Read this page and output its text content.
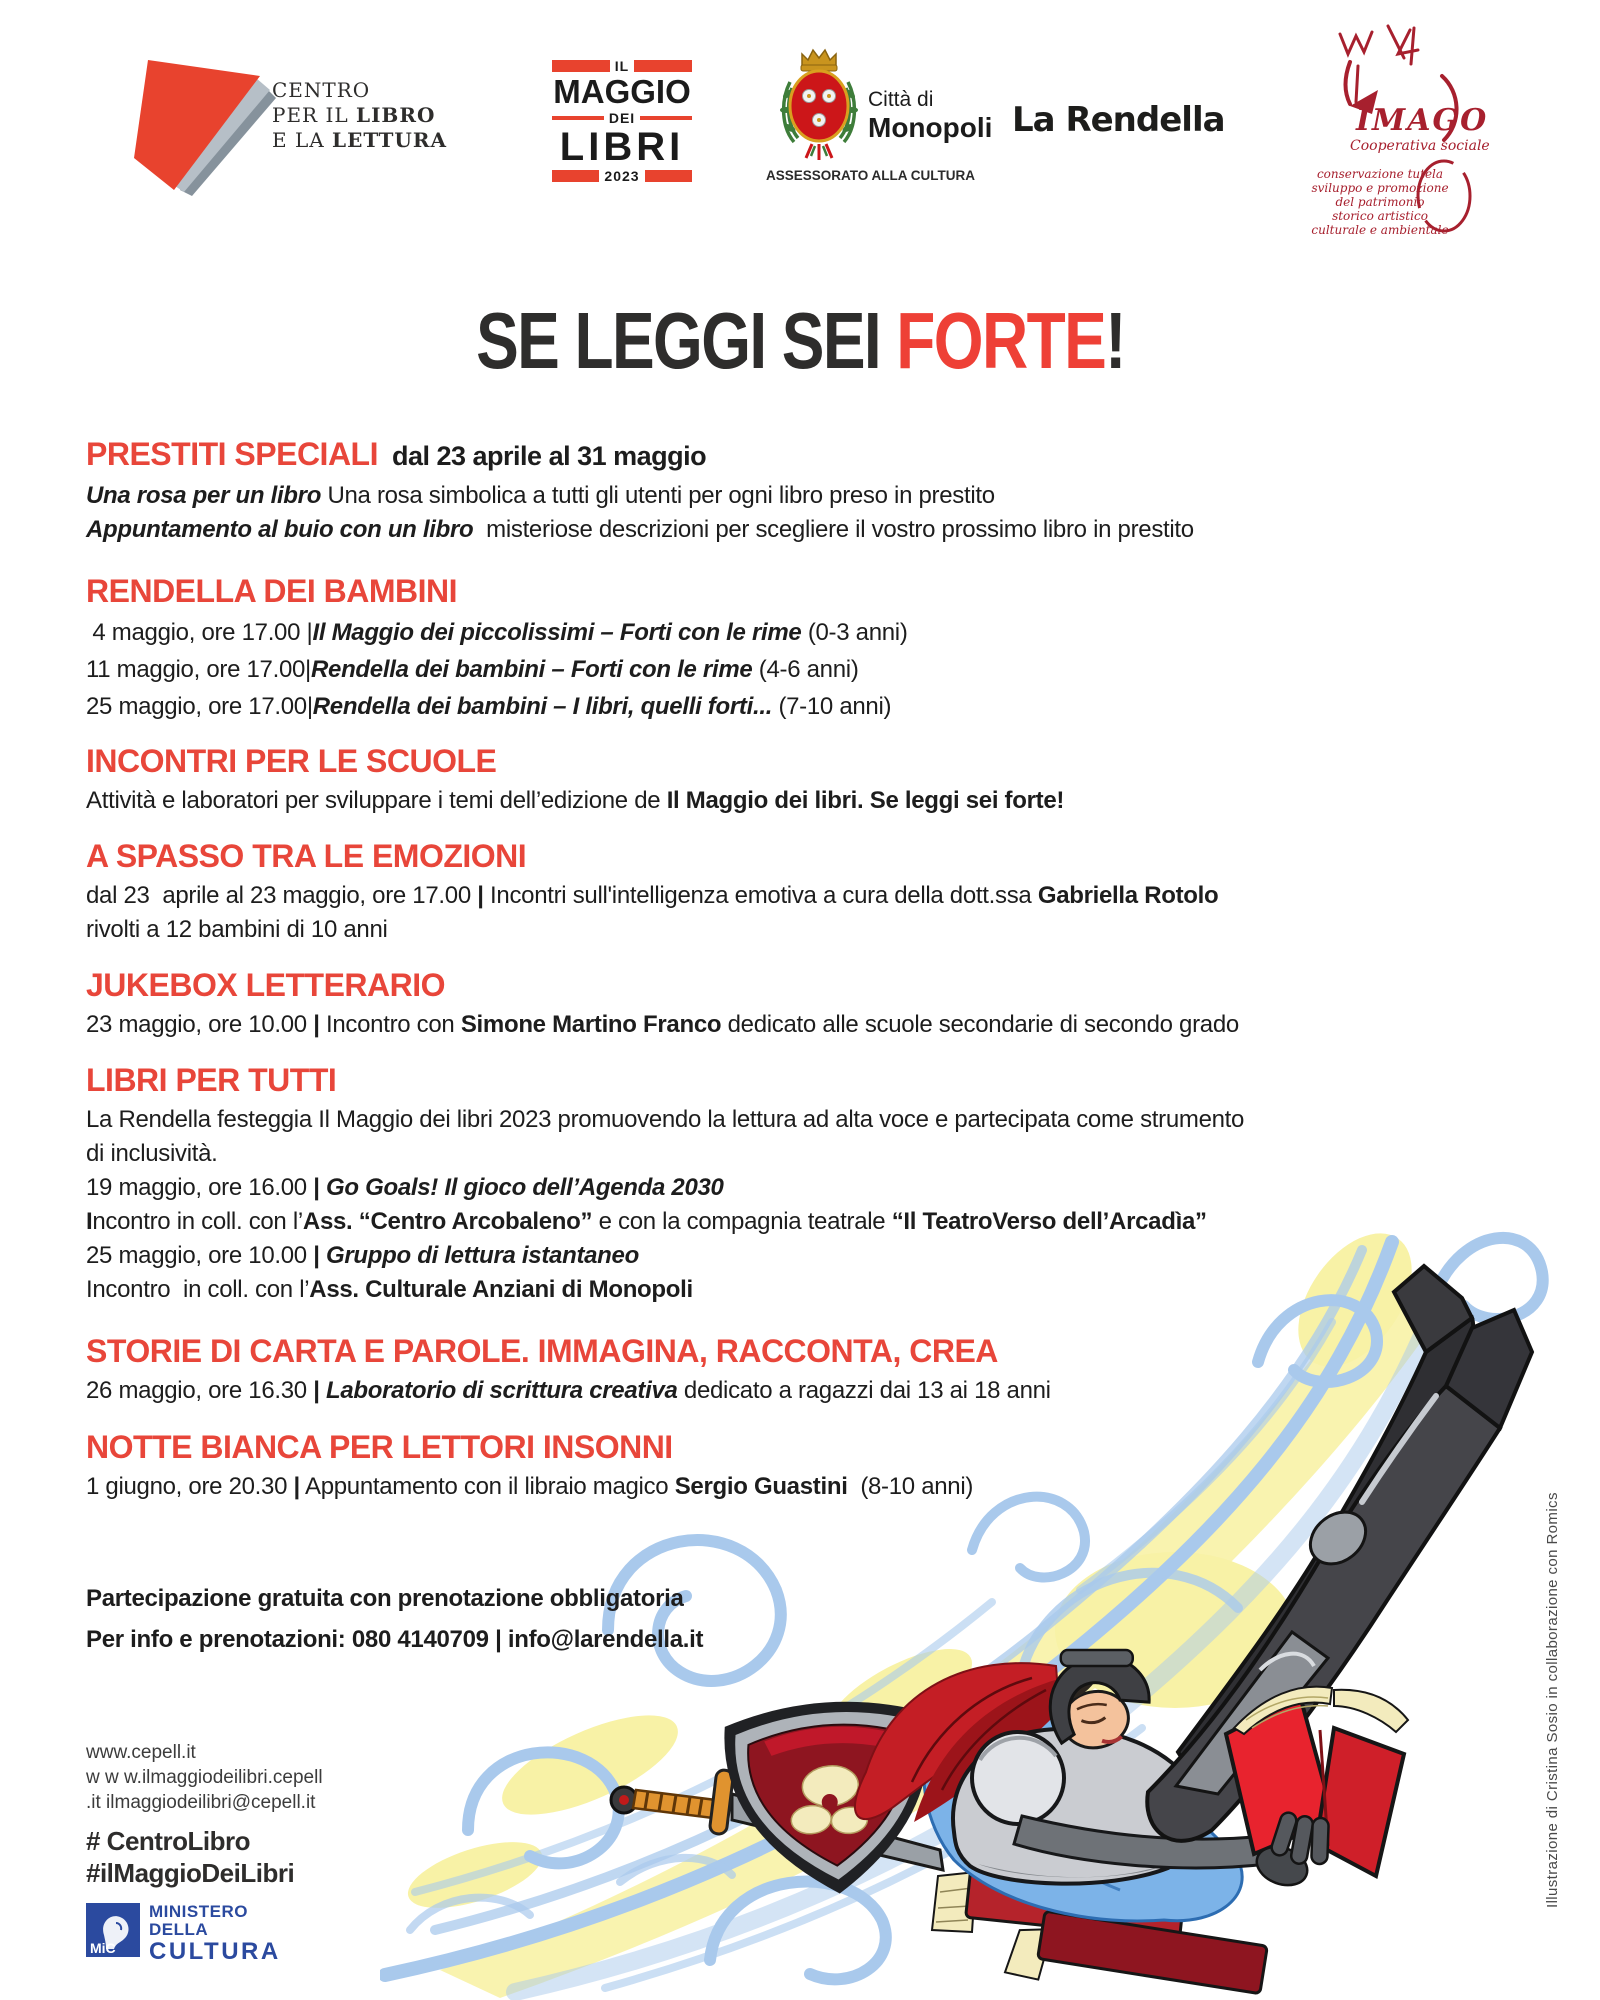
CENTRO
PER IL LIBRO
E LA LETTURA
IL
MAGGIO
DEI
LIBRI
2023
Città di
Monopoli
ASSESSORATO ALLA CULTURA
La Rendella	IMAGO
Cooperativa sociale
conservazione tutela
sviluppo e promozione
del patrimonio
storico artistico
culturale e ambientale
SE LEGGI SEI FORTE!
PRESTITI SPECIALI dal 23 aprile al 31 maggio

Una rosa per un libro Una rosa simbolica a tutti gli utenti per ogni libro preso in prestito

Appuntamento al buio con un libro  misteriose descrizioni per scegliere il vostro prossimo libro in prestito

RENDELLA DEI BAMBINI

4 maggio, ore 17.00 |Il Maggio dei piccolissimi – Forti con le rime (0-3 anni)

11 maggio, ore 17.00|Rendella dei bambini – Forti con le rime (4-6 anni)

25 maggio, ore 17.00|Rendella dei bambini – I libri, quelli forti... (7-10 anni)

INCONTRI PER LE SCUOLE

Attività e laboratori per sviluppare i temi dell’edizione de Il Maggio dei libri. Se leggi sei forte!

A SPASSO TRA LE EMOZIONI

dal 23  aprile al 23 maggio, ore 17.00 | Incontri sull'intelligenza emotiva a cura della dott.ssa Gabriella Rotolo

rivolti a 12 bambini di 10 anni

JUKEBOX LETTERARIO

23 maggio, ore 10.00 | Incontro con Simone Martino Franco dedicato alle scuole secondarie di secondo grado

LIBRI PER TUTTI

La Rendella festeggia Il Maggio dei libri 2023 promuovendo la lettura ad alta voce e partecipata come strumento

di inclusività.

19 maggio, ore 16.00 | Go Goals! Il gioco dell’Agenda 2030

Incontro in coll. con l’Ass. “Centro Arcobaleno” e con la compagnia teatrale “Il TeatroVerso dell’Arcadìa”

25 maggio, ore 10.00 | Gruppo di lettura istantaneo

Incontro  in coll. con l’Ass. Culturale Anziani di Monopoli

STORIE DI CARTA E PAROLE. IMMAGINA, RACCONTA, CREA

26 maggio, ore 16.30 | Laboratorio di scrittura creativa dedicato a ragazzi dai 13 ai 18 anni

NOTTE BIANCA PER LETTORI INSONNI

1 giugno, ore 20.30 | Appuntamento con il libraio magico Sergio Guastini  (8-10 anni)

Partecipazione gratuita con prenotazione obbligatoria

Per info e prenotazioni: 080 4140709 | info@larendella.it

www.cepell.it

w w w.ilmaggiodeilibri.cepell

.it ilmaggiodeilibri@cepell.it

# CentroLibro

#ilMaggioDeiLibri

MiC
MINISTERO
DELLA
CULTURA
Illustrazione di Cristina Sosio in collaborazione con Romics
